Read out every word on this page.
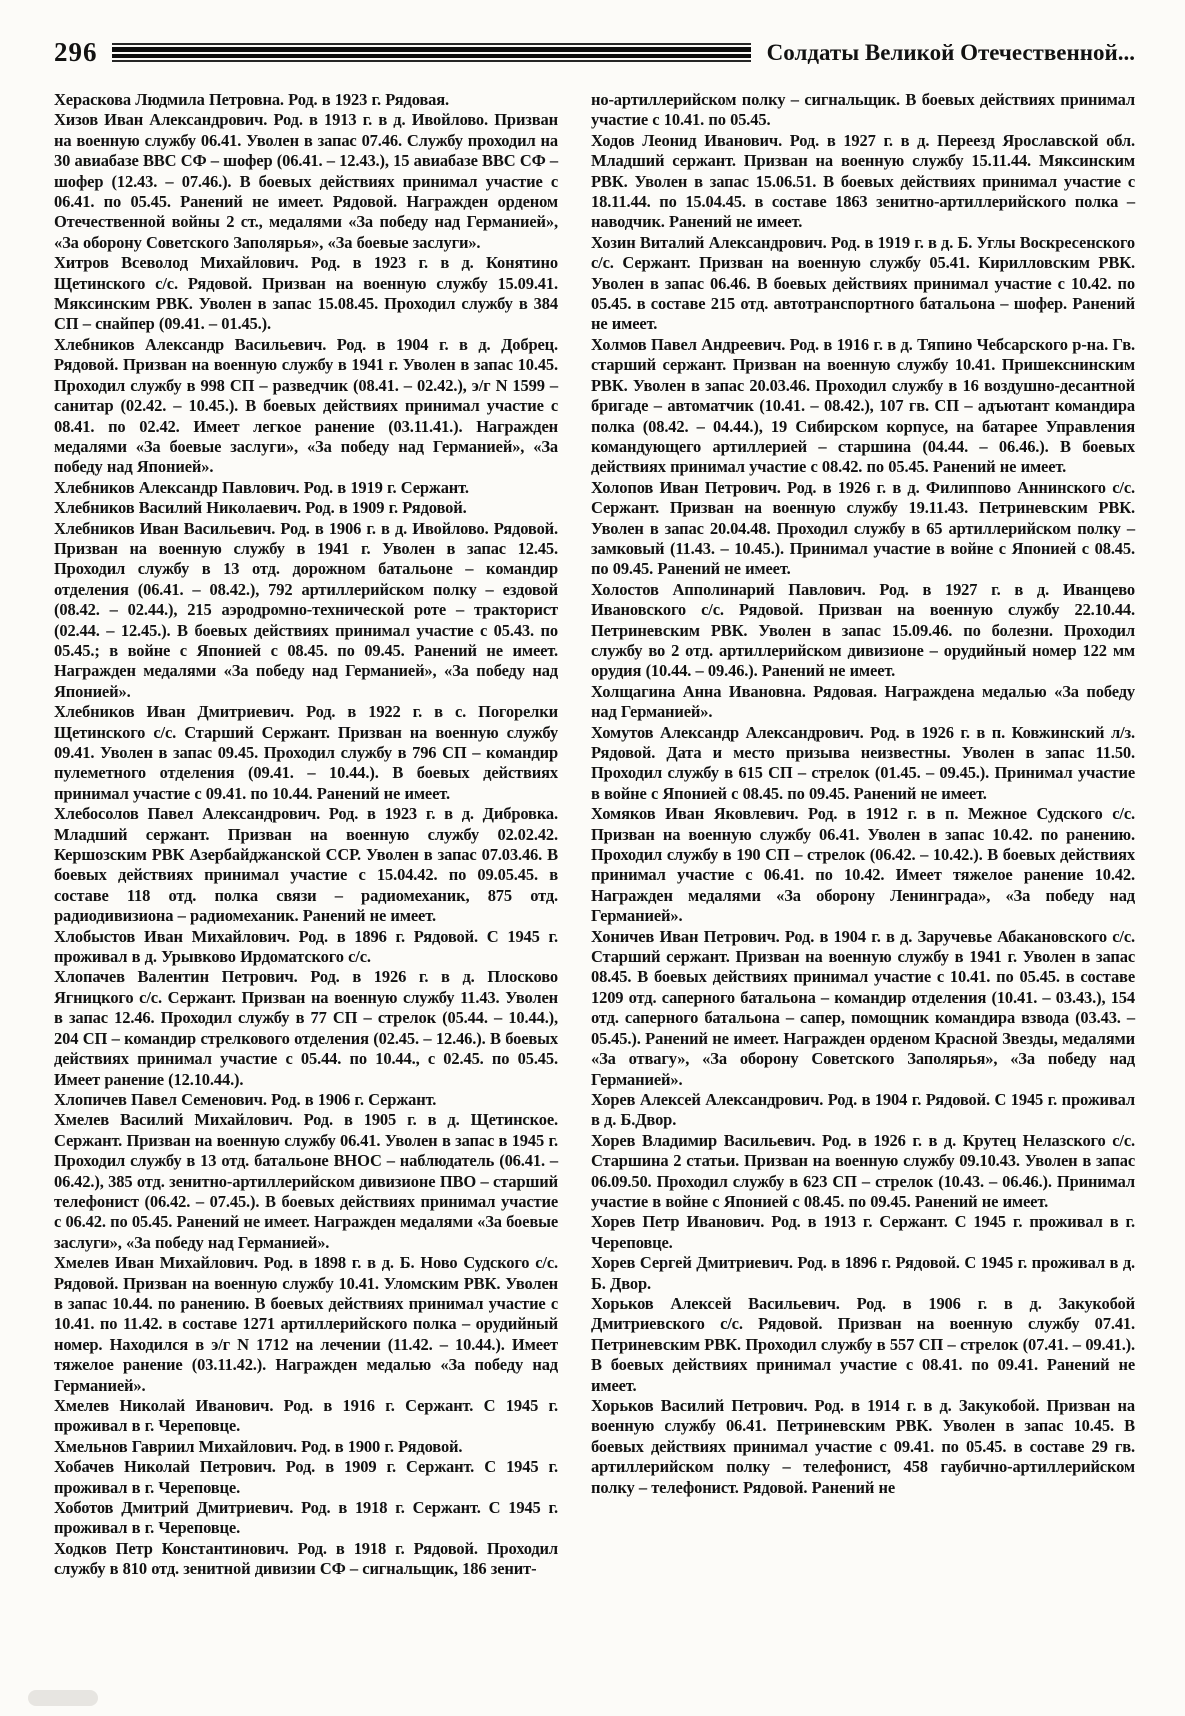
296	Солдаты Великой Отечественной...

Хераскова Людмила Петровна. Род. в 1923 г. Рядовая.

Хизов Иван Александрович. Род. в 1913 г. в д. Ивойлово. Призван на военную службу 06.41. Уволен в запас 07.46. Службу проходил на 30 авиабазе ВВС СФ – шофер (06.41. – 12.43.), 15 авиабазе ВВС СФ – шофер (12.43. – 07.46.). В боевых действиях принимал участие с 06.41. по 05.45. Ранений не имеет. Рядовой. Награжден орденом Отечественной войны 2 ст., медалями «За победу над Германией», «За оборону Советского Заполярья», «За боевые заслуги».

Хитров Всеволод Михайлович. Род. в 1923 г. в д. Конятино Щетинского с/с. Рядовой. Призван на военную службу 15.09.41. Мяксинским РВК. Уволен в запас 15.08.45. Проходил службу в 384 СП – снайпер (09.41. – 01.45.).

Хлебников Александр Васильевич. Род. в 1904 г. в д. Добрец. Рядовой. Призван на военную службу в 1941 г. Уволен в запас 10.45. Проходил службу в 998 СП – разведчик (08.41. – 02.42.), э/г N 1599 – санитар (02.42. – 10.45.). В боевых действиях принимал участие с 08.41. по 02.42. Имеет легкое ранение (03.11.41.). Награжден медалями «За боевые заслуги», «За победу над Германией», «За победу над Японией».

Хлебников Александр Павлович. Род. в 1919 г. Сержант.

Хлебников Василий Николаевич. Род. в 1909 г. Рядовой.

Хлебников Иван Васильевич. Род. в 1906 г. в д. Ивойлово. Рядовой. Призван на военную службу в 1941 г. Уволен в запас 12.45. Проходил службу в 13 отд. дорожном батальоне – командир отделения (06.41. – 08.42.), 792 артиллерийском полку – ездовой (08.42. – 02.44.), 215 аэродромно-технической роте – тракторист (02.44. – 12.45.). В боевых действиях принимал участие с 05.43. по 05.45.; в войне с Японией с 08.45. по 09.45. Ранений не имеет. Награжден медалями «За победу над Германией», «За победу над Японией».

Хлебников Иван Дмитриевич. Род. в 1922 г. в с. Погорелки Щетинского с/с. Старший Сержант. Призван на военную службу 09.41. Уволен в запас 09.45. Проходил службу в 796 СП – командир пулеметного отделения (09.41. – 10.44.). В боевых действиях принимал участие с 09.41. по 10.44. Ранений не имеет.

Хлебосолов Павел Александрович. Род. в 1923 г. в д. Дибровка. Младший сержант. Призван на военную службу 02.02.42. Кершозским РВК Азербайджанской ССР. Уволен в запас 07.03.46. В боевых действиях принимал участие с 15.04.42. по 09.05.45. в составе 118 отд. полка связи – радиомеханик, 875 отд. радиодивизиона – радиомеханик. Ранений не имеет.

Хлобыстов Иван Михайлович. Род. в 1896 г. Рядовой. С 1945 г. проживал в д. Урывково Ирдоматского с/с.

Хлопачев Валентин Петрович. Род. в 1926 г. в д. Плосково Ягницкого с/с. Сержант. Призван на военную службу 11.43. Уволен в запас 12.46. Проходил службу в 77 СП – стрелок (05.44. – 10.44.), 204 СП – командир стрелкового отделения (02.45. – 12.46.). В боевых действиях принимал участие с 05.44. по 10.44., с 02.45. по 05.45. Имеет ранение (12.10.44.).

Хлопичев Павел Семенович. Род. в 1906 г. Сержант.

Хмелев Василий Михайлович. Род. в 1905 г. в д. Щетинское. Сержант. Призван на военную службу 06.41. Уволен в запас в 1945 г. Проходил службу в 13 отд. батальоне ВНОС – наблюдатель (06.41. – 06.42.), 385 отд. зенитно-артиллерийском дивизионе ПВО – старший телефонист (06.42. – 07.45.). В боевых действиях принимал участие с 06.42. по 05.45. Ранений не имеет. Награжден медалями «За боевые заслуги», «За победу над Германией».

Хмелев Иван Михайлович. Род. в 1898 г. в д. Б. Ново Судского с/с. Рядовой. Призван на военную службу 10.41. Уломским РВК. Уволен в запас 10.44. по ранению. В боевых действиях принимал участие с 10.41. по 11.42. в составе 1271 артиллерийского полка – орудийный номер. Находился в э/г N 1712 на лечении (11.42. – 10.44.). Имеет тяжелое ранение (03.11.42.). Награжден медалью «За победу над Германией».

Хмелев Николай Иванович. Род. в 1916 г. Сержант. С 1945 г. проживал в г. Череповце.

Хмельнов Гавриил Михайлович. Род. в 1900 г. Рядовой.

Хобачев Николай Петрович. Род. в 1909 г. Сержант. С 1945 г. проживал в г. Череповце.

Хоботов Дмитрий Дмитриевич. Род. в 1918 г. Сержант. С 1945 г. проживал в г. Череповце.

Ходков Петр Константинович. Род. в 1918 г. Рядовой. Проходил службу в 810 отд. зенитной дивизии СФ – сигнальщик, 186 зенит-

но-артиллерийском полку – сигнальщик. В боевых действиях принимал участие с 10.41. по 05.45.

Ходов Леонид Иванович. Род. в 1927 г. в д. Переезд Ярославской обл. Младший сержант. Призван на военную службу 15.11.44. Мяксинским РВК. Уволен в запас 15.06.51. В боевых действиях принимал участие с 18.11.44. по 15.04.45. в составе 1863 зенитно-артиллерийского полка – наводчик. Ранений не имеет.

Хозин Виталий Александрович. Род. в 1919 г. в д. Б. Углы Воскресенского с/с. Сержант. Призван на военную службу 05.41. Кирилловским РВК. Уволен в запас 06.46. В боевых действиях принимал участие с 10.42. по 05.45. в составе 215 отд. автотранспортного батальона – шофер. Ранений не имеет.

Холмов Павел Андреевич. Род. в 1916 г. в д. Тяпино Чебсарского р-на. Гв. старший сержант. Призван на военную службу 10.41. Пришекснинским РВК. Уволен в запас 20.03.46. Проходил службу в 16 воздушно-десантной бригаде – автоматчик (10.41. – 08.42.), 107 гв. СП – адъютант командира полка (08.42. – 04.44.), 19 Сибирском корпусе, на батарее Управления командующего артиллерией – старшина (04.44. – 06.46.). В боевых действиях принимал участие с 08.42. по 05.45. Ранений не имеет.

Холопов Иван Петрович. Род. в 1926 г. в д. Филиппово Аннинского с/с. Сержант. Призван на военную службу 19.11.43. Петриневским РВК. Уволен в запас 20.04.48. Проходил службу в 65 артиллерийском полку – замковый (11.43. – 10.45.). Принимал участие в войне с Японией с 08.45. по 09.45. Ранений не имеет.

Холостов Апполинарий Павлович. Род. в 1927 г. в д. Иванцево Ивановского с/с. Рядовой. Призван на военную службу 22.10.44. Петриневским РВК. Уволен в запас 15.09.46. по болезни. Проходил службу во 2 отд. артиллерийском дивизионе – орудийный номер 122 мм орудия (10.44. – 09.46.). Ранений не имеет.

Холщагина Анна Ивановна. Рядовая. Награждена медалью «За победу над Германией».

Хомутов Александр Александрович. Род. в 1926 г. в п. Ковжинский л/з. Рядовой. Дата и место призыва неизвестны. Уволен в запас 11.50. Проходил службу в 615 СП – стрелок (01.45. – 09.45.). Принимал участие в войне с Японией с 08.45. по 09.45. Ранений не имеет.

Хомяков Иван Яковлевич. Род. в 1912 г. в п. Межное Судского с/с. Призван на военную службу 06.41. Уволен в запас 10.42. по ранению. Проходил службу в 190 СП – стрелок (06.42. – 10.42.). В боевых действиях принимал участие с 06.41. по 10.42. Имеет тяжелое ранение 10.42. Награжден медалями «За оборону Ленинграда», «За победу над Германией».

Хоничев Иван Петрович. Род. в 1904 г. в д. Заручевье Абакановского с/с. Старший сержант. Призван на военную службу в 1941 г. Уволен в запас 08.45. В боевых действиях принимал участие с 10.41. по 05.45. в составе 1209 отд. саперного батальона – командир отделения (10.41. – 03.43.), 154 отд. саперного батальона – сапер, помощник командира взвода (03.43. – 05.45.). Ранений не имеет. Награжден орденом Красной Звезды, медалями «За отвагу», «За оборону Советского Заполярья», «За победу над Германией».

Хорев Алексей Александрович. Род. в 1904 г. Рядовой. С 1945 г. проживал в д. Б.Двор.

Хорев Владимир Васильевич. Род. в 1926 г. в д. Крутец Нелазского с/с. Старшина 2 статьи. Призван на военную службу 09.10.43. Уволен в запас 06.09.50. Проходил службу в 623 СП – стрелок (10.43. – 06.46.). Принимал участие в войне с Японией с 08.45. по 09.45. Ранений не имеет.

Хорев Петр Иванович. Род. в 1913 г. Сержант. С 1945 г. проживал в г. Череповце.

Хорев Сергей Дмитриевич. Род. в 1896 г. Рядовой. С 1945 г. проживал в д. Б. Двор.

Хорьков Алексей Васильевич. Род. в 1906 г. в д. Закукобой Дмитриевского с/с. Рядовой. Призван на военную службу 07.41. Петриневским РВК. Проходил службу в 557 СП – стрелок (07.41. – 09.41.). В боевых действиях принимал участие с 08.41. по 09.41. Ранений не имеет.

Хорьков Василий Петрович. Род. в 1914 г. в д. Закукобой. Призван на военную службу 06.41. Петриневским РВК. Уволен в запас 10.45. В боевых действиях принимал участие с 09.41. по 05.45. в составе 29 гв. артиллерийском полку – телефонист, 458 гаубично-артиллерийском полку – телефонист. Рядовой. Ранений не
